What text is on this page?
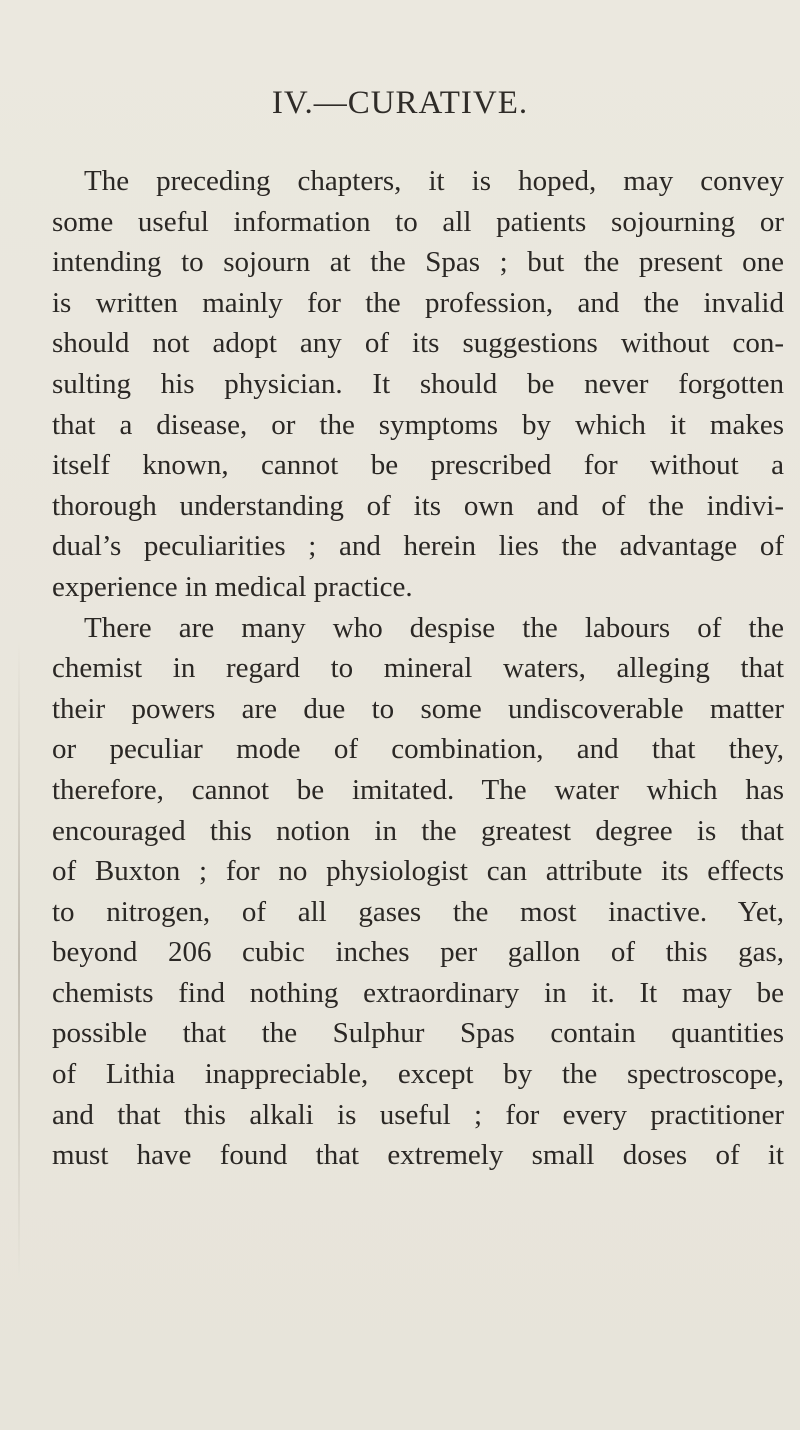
IV.—CURATIVE.
The preceding chapters, it is hoped, may convey
some useful information to all patients sojourning or
intending to sojourn at the Spas ; but the present one
is written mainly for the profession, and the invalid
should not adopt any of its suggestions without con-
sulting his physician. It should be never forgotten
that a disease, or the symptoms by which it makes
itself known, cannot be prescribed for without a
thorough understanding of its own and of the indivi-
dual’s peculiarities ; and herein lies the advantage of
experience in medical practice.
There are many who despise the labours of the
chemist in regard to mineral waters, alleging that
their powers are due to some undiscoverable matter
or peculiar mode of combination, and that they,
therefore, cannot be imitated. The water which has
encouraged this notion in the greatest degree is that
of Buxton ; for no physiologist can attribute its effects
to nitrogen, of all gases the most inactive. Yet,
beyond 206 cubic inches per gallon of this gas,
chemists find nothing extraordinary in it. It may be
possible that the Sulphur Spas contain quantities
of Lithia inappreciable, except by the spectroscope,
and that this alkali is useful ; for every practitioner
must have found that extremely small doses of it
